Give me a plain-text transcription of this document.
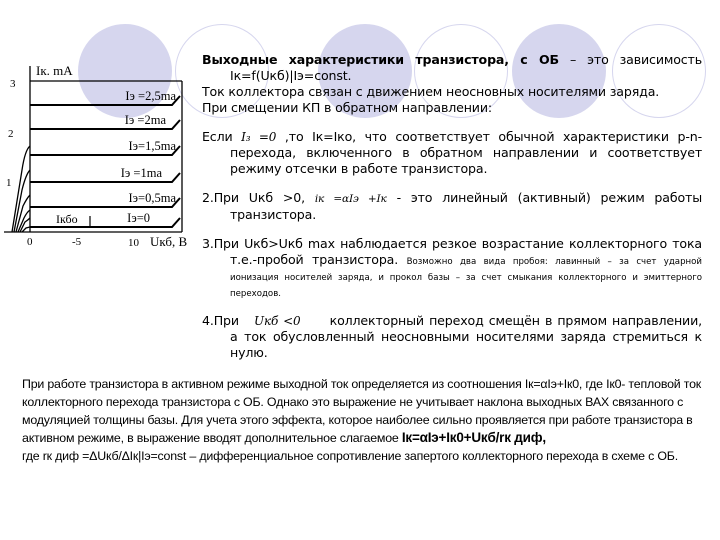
Iк. mA
3
2
1
0	-5	10 Uкб, B
Iэ =2,5ma
Iэ =2ma
Iэ=1,5ma
Iэ =1ma
Iэ=0,5ma
Iэ=0
Iкбо

Выходные характеристики транзистора, с ОБ – это зависимость Iк=f(Uкб)|Iэ=const.

Ток коллектора связан с движением неосновных носителями заряда.

При смещении КП в обратном направлении:

Если I₃ =0 ,то Iк=Iко, что соответствует обычной характеристики p-n-перехода, включенного в обратном направлении и соответствует режиму отсечки в работе транзистора.

2.При Uкб >0, iк =αIэ +Iк - это линейный (активный) режим работы транзистора.

3.При Uкб>Uкб max наблюдается резкое возрастание коллекторного тока т.е.-пробой транзистора. Возможно два вида пробоя: лавинный – за счет ударной ионизация носителей заряда, и прокол базы – за счет смыкания коллекторного и эмиттерного переходов.

4.При Uкб <0 коллекторный переход смещён в прямом направлении, а ток обусловленный неосновными носителями заряда стремиться к нулю.

При работе транзистора в активном режиме выходной ток определяется из соотношения Iк=αIэ+Iк0, где Iк0- тепловой ток коллекторного перехода транзистора с ОБ. Однако это выражение не учитывает наклона выходных ВАХ связанного с модуляцией толщины базы. Для учета этого эффекта, которое наиболее сильно проявляется при работе транзистора в активном режиме, в выражение вводят дополнительное слагаемое Iк=αIэ+Iк0+Uкб/rк диф,
где rк диф =ΔUкб/ΔIк|Iэ=const – дифференциальное сопротивление запертого коллекторного перехода в схеме с ОБ.
